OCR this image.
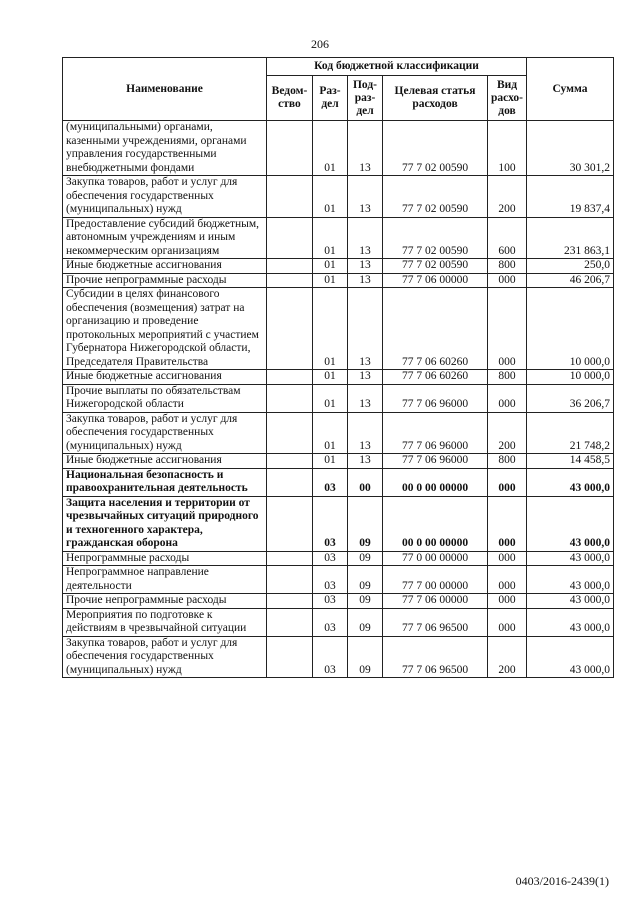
206
Наименование	Код бюджетной классификации					Сумма
	Ведом-ство	Раз-дел	Под-раз-дел	Целевая статья расходов	Вид расхо-дов	
(муниципальными) органами, казенными учреждениями, органами управления государственными внебюджетными фондами		01	13	77 7 02 00590	100	30 301,2
Закупка товаров, работ и услуг для обеспечения государственных (муниципальных) нужд		01	13	77 7 02 00590	200	19 837,4
Предоставление субсидий бюджетным, автономным учреждениям и иным некоммерческим организациям		01	13	77 7 02 00590	600	231 863,1
Иные бюджетные ассигнования		01	13	77 7 02 00590	800	250,0
Прочие непрограммные расходы		01	13	77 7 06 00000	000	46 206,7
Субсидии в целях финансового обеспечения (возмещения) затрат на организацию и проведение протокольных мероприятий с участием Губернатора Нижегородской области, Председателя Правительства		01	13	77 7 06 60260	000	10 000,0
Иные бюджетные ассигнования		01	13	77 7 06 60260	800	10 000,0
Прочие выплаты по обязательствам Нижегородской области		01	13	77 7 06 96000	000	36 206,7
Закупка товаров, работ и услуг для обеспечения государственных (муниципальных) нужд		01	13	77 7 06 96000	200	21 748,2
Иные бюджетные ассигнования		01	13	77 7 06 96000	800	14 458,5
Национальная безопасность и правоохранительная деятельность		03	00	00 0 00 00000	000	43 000,0
Защита населения и территории от чрезвычайных ситуаций природного и техногенного характера, гражданская оборона		03	09	00 0 00 00000	000	43 000,0
Непрограммные расходы		03	09	77 0 00 00000	000	43 000,0
Непрограммное направление деятельности		03	09	77 7 00 00000	000	43 000,0
Прочие непрограммные расходы		03	09	77 7 06 00000	000	43 000,0
Мероприятия по подготовке к действиям в чрезвычайной ситуации		03	09	77 7 06 96500	000	43 000,0
Закупка товаров, работ и услуг для обеспечения государственных (муниципальных) нужд		03	09	77 7 06 96500	200	43 000,0
0403/2016-2439(1)
